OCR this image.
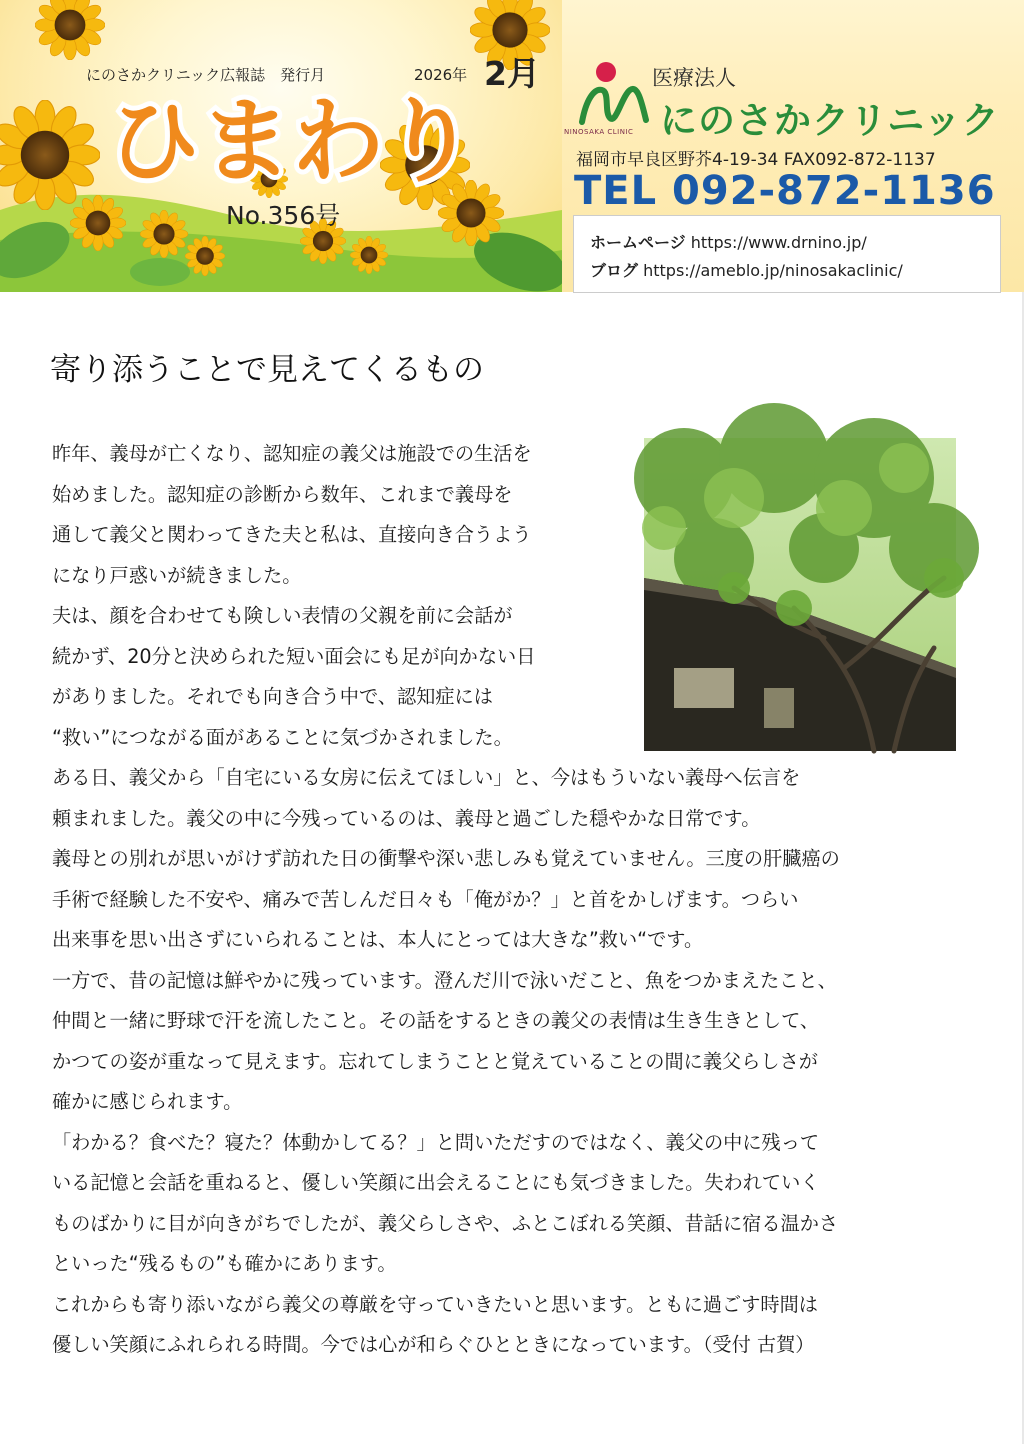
ひまわり
にのさかクリニック広報誌　発行月	2026年 2月
No.356号
NINOSAKA CLINIC
医療法人
にのさかクリニック
福岡市早良区野芥4-19-34 FAX092-872-1137
TEL 092-872-1136
ホームページ https://www.drnino.jp/
ブログ https://ameblo.jp/ninosakaclinic/
寄り添うことで見えてくるもの

昨年、義母が亡くなり、認知症の義父は施設での生活を

始めました。認知症の診断から数年、これまで義母を

通して義父と関わってきた夫と私は、直接向き合うよう

になり戸惑いが続きました。

夫は、顔を合わせても険しい表情の父親を前に会話が

続かず、20分と決められた短い面会にも足が向かない日

がありました。それでも向き合う中で、認知症には

“救い”につながる面があることに気づかされました。

ある日、義父から「自宅にいる女房に伝えてほしい」と、今はもういない義母へ伝言を

頼まれました。義父の中に今残っているのは、義母と過ごした穏やかな日常です。

義母との別れが思いがけず訪れた日の衝撃や深い悲しみも覚えていません。三度の肝臓癌の

手術で経験した不安や、痛みで苦しんだ日々も「俺がか？」と首をかしげます。つらい

出来事を思い出さずにいられることは、本人にとっては大きな”救い“です。

一方で、昔の記憶は鮮やかに残っています。澄んだ川で泳いだこと、魚をつかまえたこと、

仲間と一緒に野球で汗を流したこと。その話をするときの義父の表情は生き生きとして、

かつての姿が重なって見えます。忘れてしまうことと覚えていることの間に義父らしさが

確かに感じられます。

「わかる？食べた？寝た？体動かしてる？」と問いただすのではなく、義父の中に残って

いる記憶と会話を重ねると、優しい笑顔に出会えることにも気づきました。失われていく

ものばかりに目が向きがちでしたが、義父らしさや、ふとこぼれる笑顔、昔話に宿る温かさ

といった“残るもの”も確かにあります。

これからも寄り添いながら義父の尊厳を守っていきたいと思います。ともに過ごす時間は

優しい笑顔にふれられる時間。今では心が和らぐひとときになっています。（受付 古賀）
